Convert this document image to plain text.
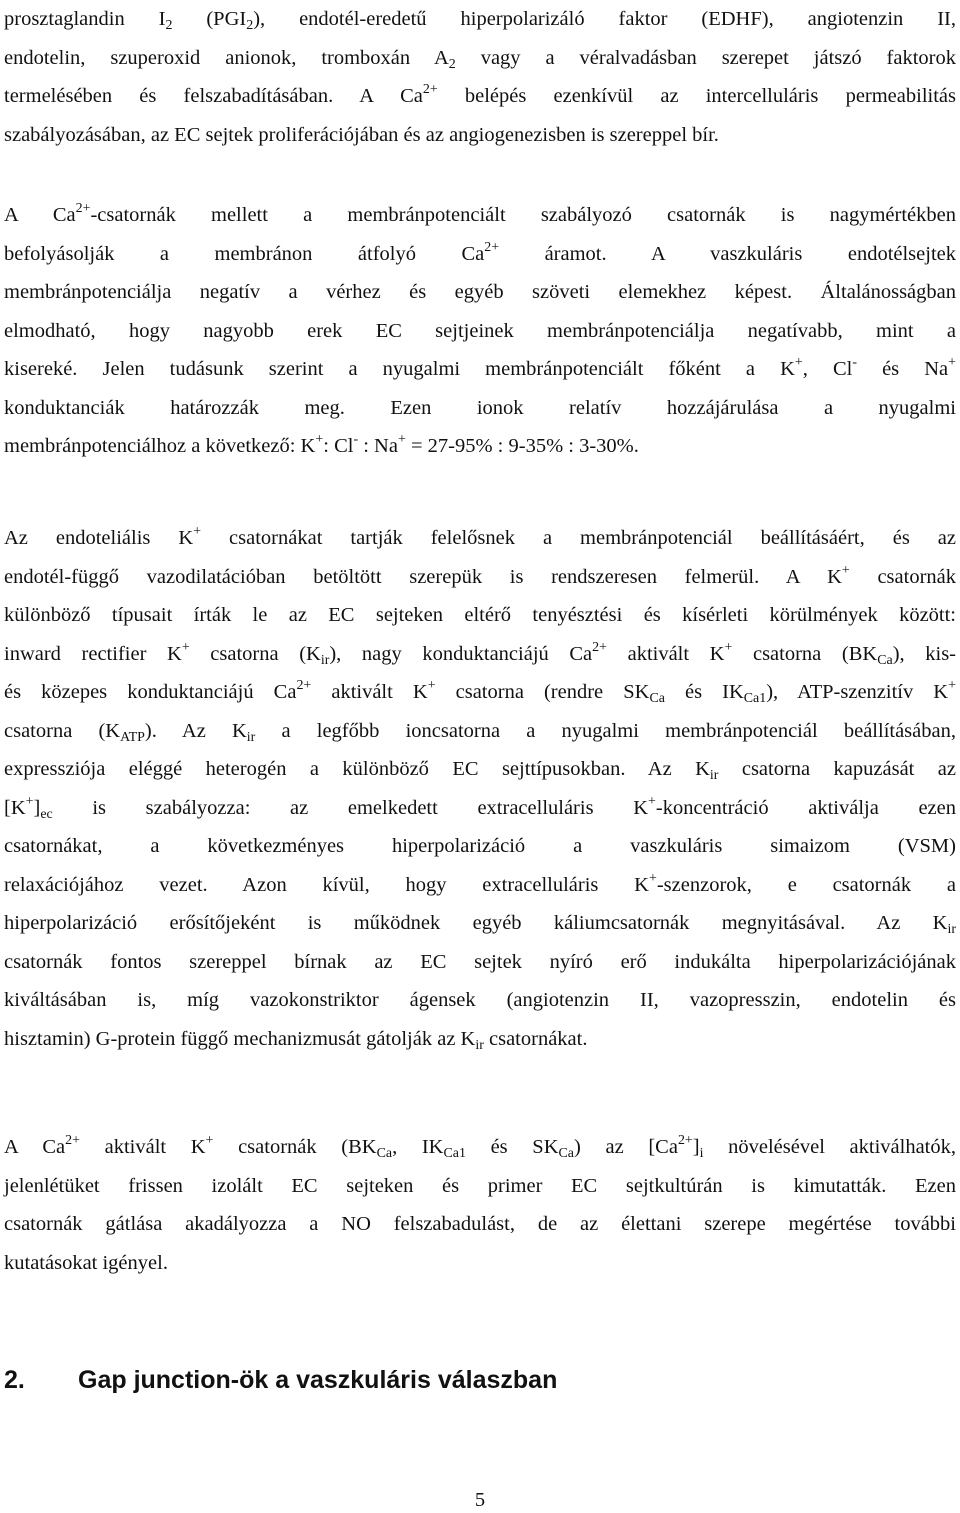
prosztaglandin $I_2$ $(PGI_2)$, endotél-eredetű hiperpolarizáló faktor (EDHF), angiotenzin II,
endotelin, szuperoxid anionok, tromboxán $A_2$ vagy a véralvadásban szerepet játszó faktorok
termelésében és felszabadításában. A $Ca^{2+}$ belépés ezenkívül az intercelluláris permeabilitás
szabályozásában, az EC sejtek proliferációjában és az angiogenezisben is szereppel bír.
A $Ca^{2+}$-csatornák mellett a membránpotenciált szabályozó csatornák is nagymértékben
befolyásolják a membránon átfolyó $Ca^{2+}$ áramot. A vaszkuláris endotélsejtek
membránpotenciálja negatív a vérhez és egyéb szöveti elemekhez képest. Általánosságban
elmodható, hogy nagyobb erek EC sejtjeinek membránpotenciálja negatívabb, mint a
kisereké. Jelen tudásunk szerint a nyugalmi membránpotenciált főként a K+, Cl- és Na+
konduktanciák határozzák meg. Ezen ionok relatív hozzájárulása a nyugalmi
membránpotenciálhoz a következő: K+: Cl- : Na+ = 27-95% : 9-35% : 3-30%.
Az endoteliális K+ csatornákat tartják felelősnek a membránpotenciál beállításáért, és az
endotél-függő vazodilatációban betöltött szerepük is rendszeresen felmerül. A K+ csatornák
különböző típusait írták le az EC sejteken eltérő tenyésztési és kísérleti körülmények között:
inward rectifier K+ csatorna $(K_{ir})$, nagy konduktanciájú $Ca^{2+}$ aktivált K+ csatorna $(BK_{Ca})$, kis-
és közepes konduktanciájú $Ca^{2+}$ aktivált K+ csatorna (rendre $SK_{Ca}$ és $IK_{Ca1}$), ATP-szenzitív K+
csatorna $(K_{ATP})$. Az $K_{ir}$ a legfőbb ioncsatorna a nyugalmi membránpotenciál beállításában,
expressziója eléggé heterogén a különböző EC sejttípusokban. Az $K_{ir}$ csatorna kapuzását az
$[K^+]_{ec}$ is szabályozza: az emelkedett extracelluláris K+-koncentráció aktiválja ezen
csatornákat, a következményes hiperpolarizáció a vaszkuláris simaizom (VSM)
relaxációjához vezet. Azon kívül, hogy extracelluláris K+-szenzorok, e csatornák a
hiperpolarizáció erősítőjeként is működnek egyéb káliumcsatornák megnyitásával. Az $K_{ir}$
csatornák fontos szereppel bírnak az EC sejtek nyíró erő indukálta hiperpolarizációjának
kiváltásában is, míg vazokonstriktor ágensek (angiotenzin II, vazopresszin, endotelin és
hisztamin) G-protein függő mechanizmusát gátolják az $K_{ir}$ csatornákat.
A $Ca^{2+}$ aktivált K+ csatornák ($BK_{Ca}$, $IK_{Ca1}$ és $SK_{Ca}$) az $[Ca^{2+}]_i$ növelésével aktiválhatók,
jelenlétüket frissen izolált EC sejteken és primer EC sejtkultúrán is kimutatták. Ezen
csatornák gátlása akadályozza a NO felszabadulást, de az élettani szerepe megértése további
kutatásokat igényel.
2. Gap junction-ök a vaszkuláris válaszban
5
